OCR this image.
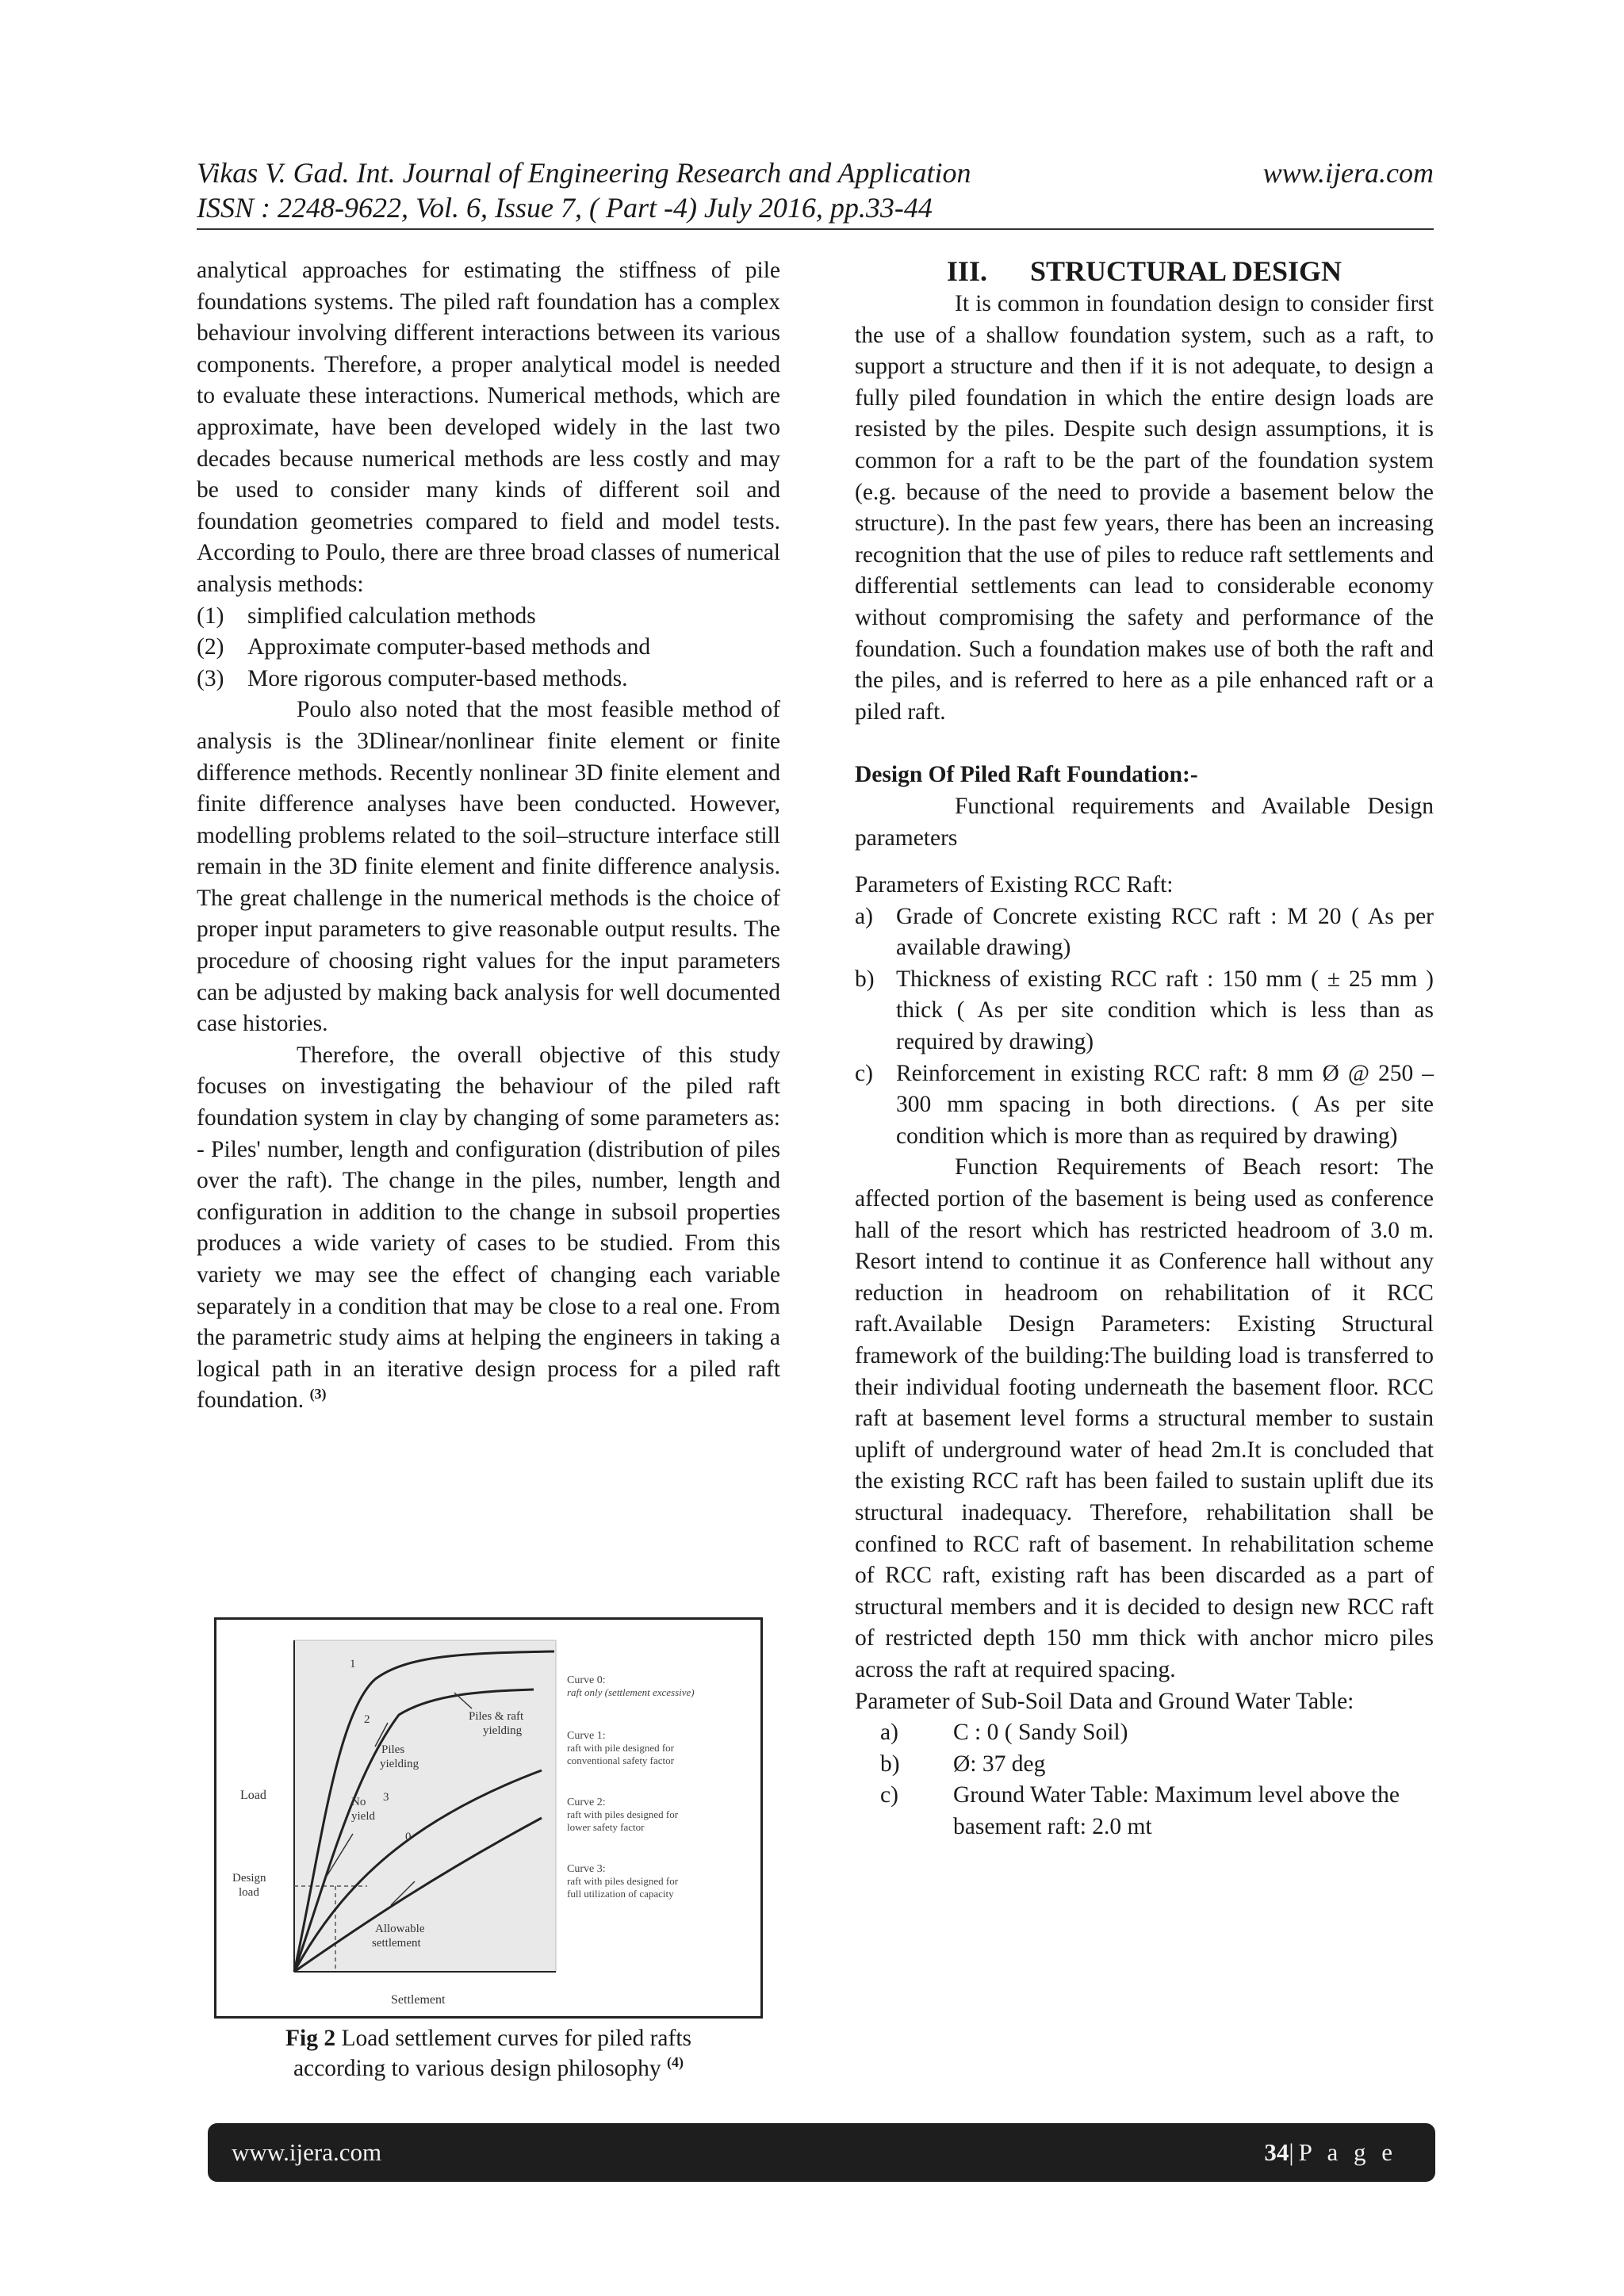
Vikas V. Gad. Int. Journal of Engineering Research and Application	www.ijera.com
ISSN : 2248-9622, Vol. 6, Issue 7, ( Part -4) July 2016, pp.33-44

analytical approaches for estimating the stiffness of pile foundations systems. The piled raft foundation has a complex behaviour involving different interactions between its various components. Therefore, a proper analytical model is needed to evaluate these interactions. Numerical methods, which are approximate, have been developed widely in the last two decades because numerical methods are less costly and may be used to consider many kinds of different soil and foundation geometries compared to field and model tests. According to Poulo, there are three broad classes of numerical analysis methods:

(1)	simplified calculation methods
(2)	Approximate computer-based methods and
(3)	More rigorous computer-based methods.

Poulo also noted that the most feasible method of analysis is the 3Dlinear/nonlinear finite element or finite difference methods. Recently nonlinear 3D finite element and finite difference analyses have been conducted. However, modelling problems related to the soil–structure interface still remain in the 3D finite element and finite difference analysis. The great challenge in the numerical methods is the choice of proper input parameters to give reasonable output results. The procedure of choosing right values for the input parameters can be adjusted by making back analysis for well documented case histories.

Therefore, the overall objective of this study focuses on investigating the behaviour of the piled raft foundation system in clay by changing of some parameters as: - Piles' number, length and configuration (distribution of piles over the raft). The change in the piles, number, length and configuration in addition to the change in subsoil properties produces a wide variety of cases to be studied. From this variety we may see the effect of changing each variable separately in a condition that may be close to a real one. From the parametric study aims at helping the engineers in taking a logical path in an iterative design process for a piled raft foundation. $^{(3)}$

Load
Settlement
Design
load
Allowable
settlement
1
2
3
0
No
yield
Piles
yielding
Piles & raft
yielding
Curve 0:
raft only (settlement excessive)
Curve 1:
raft with pile designed for
conventional safety factor
Curve 2:
raft with piles designed for
lower safety factor
Curve 3:
raft with piles designed for
full utilization of capacity
Fig 2 Load settlement curves for piled rafts
according to various design philosophy $^{(4)}$
III. STRUCTURAL DESIGN

It is common in foundation design to consider first the use of a shallow foundation system, such as a raft, to support a structure and then if it is not adequate, to design a fully piled foundation in which the entire design loads are resisted by the piles. Despite such design assumptions, it is common for a raft to be the part of the foundation system (e.g. because of the need to provide a basement below the structure). In the past few years, there has been an increasing recognition that the use of piles to reduce raft settlements and differential settlements can lead to considerable economy without compromising the safety and performance of the foundation. Such a foundation makes use of both the raft and the piles, and is referred to here as a pile enhanced raft or a piled raft.

Design Of Piled Raft Foundation:-

Functional requirements and Available Design parameters

Parameters of Existing RCC Raft:

a) Grade of Concrete existing RCC raft : M 20 ( As per available drawing)
b) Thickness of existing RCC raft : 150 mm ( ± 25 mm ) thick ( As per site condition which is less than as required by drawing)
c) Reinforcement in existing RCC raft: 8 mm Ø @ 250 – 300 mm spacing in both directions. ( As per site condition which is more than as required by drawing)

Function Requirements of Beach resort: The affected portion of the basement is being used as conference hall of the resort which has restricted headroom of 3.0 m. Resort intend to continue it as Conference hall without any reduction in headroom on rehabilitation of it RCC raft.Available Design Parameters: Existing Structural framework of the building:The building load is transferred to their individual footing underneath the basement floor. RCC raft at basement level forms a structural member to sustain uplift of underground water of head 2m.It is concluded that the existing RCC raft has been failed to sustain uplift due its structural inadequacy. Therefore, rehabilitation shall be confined to RCC raft of basement. In rehabilitation scheme of RCC raft, existing raft has been discarded as a part of structural members and it is decided to design new RCC raft of restricted depth 150 mm thick with anchor micro piles across the raft at required spacing.

Parameter of Sub-Soil Data and Ground Water Table:

a)	C : 0 ( Sandy Soil)
b)	Ø: 37 deg
c)	Ground Water Table: Maximum level above the basement raft: 2.0 mt
www.ijera.com	34|P a g e
